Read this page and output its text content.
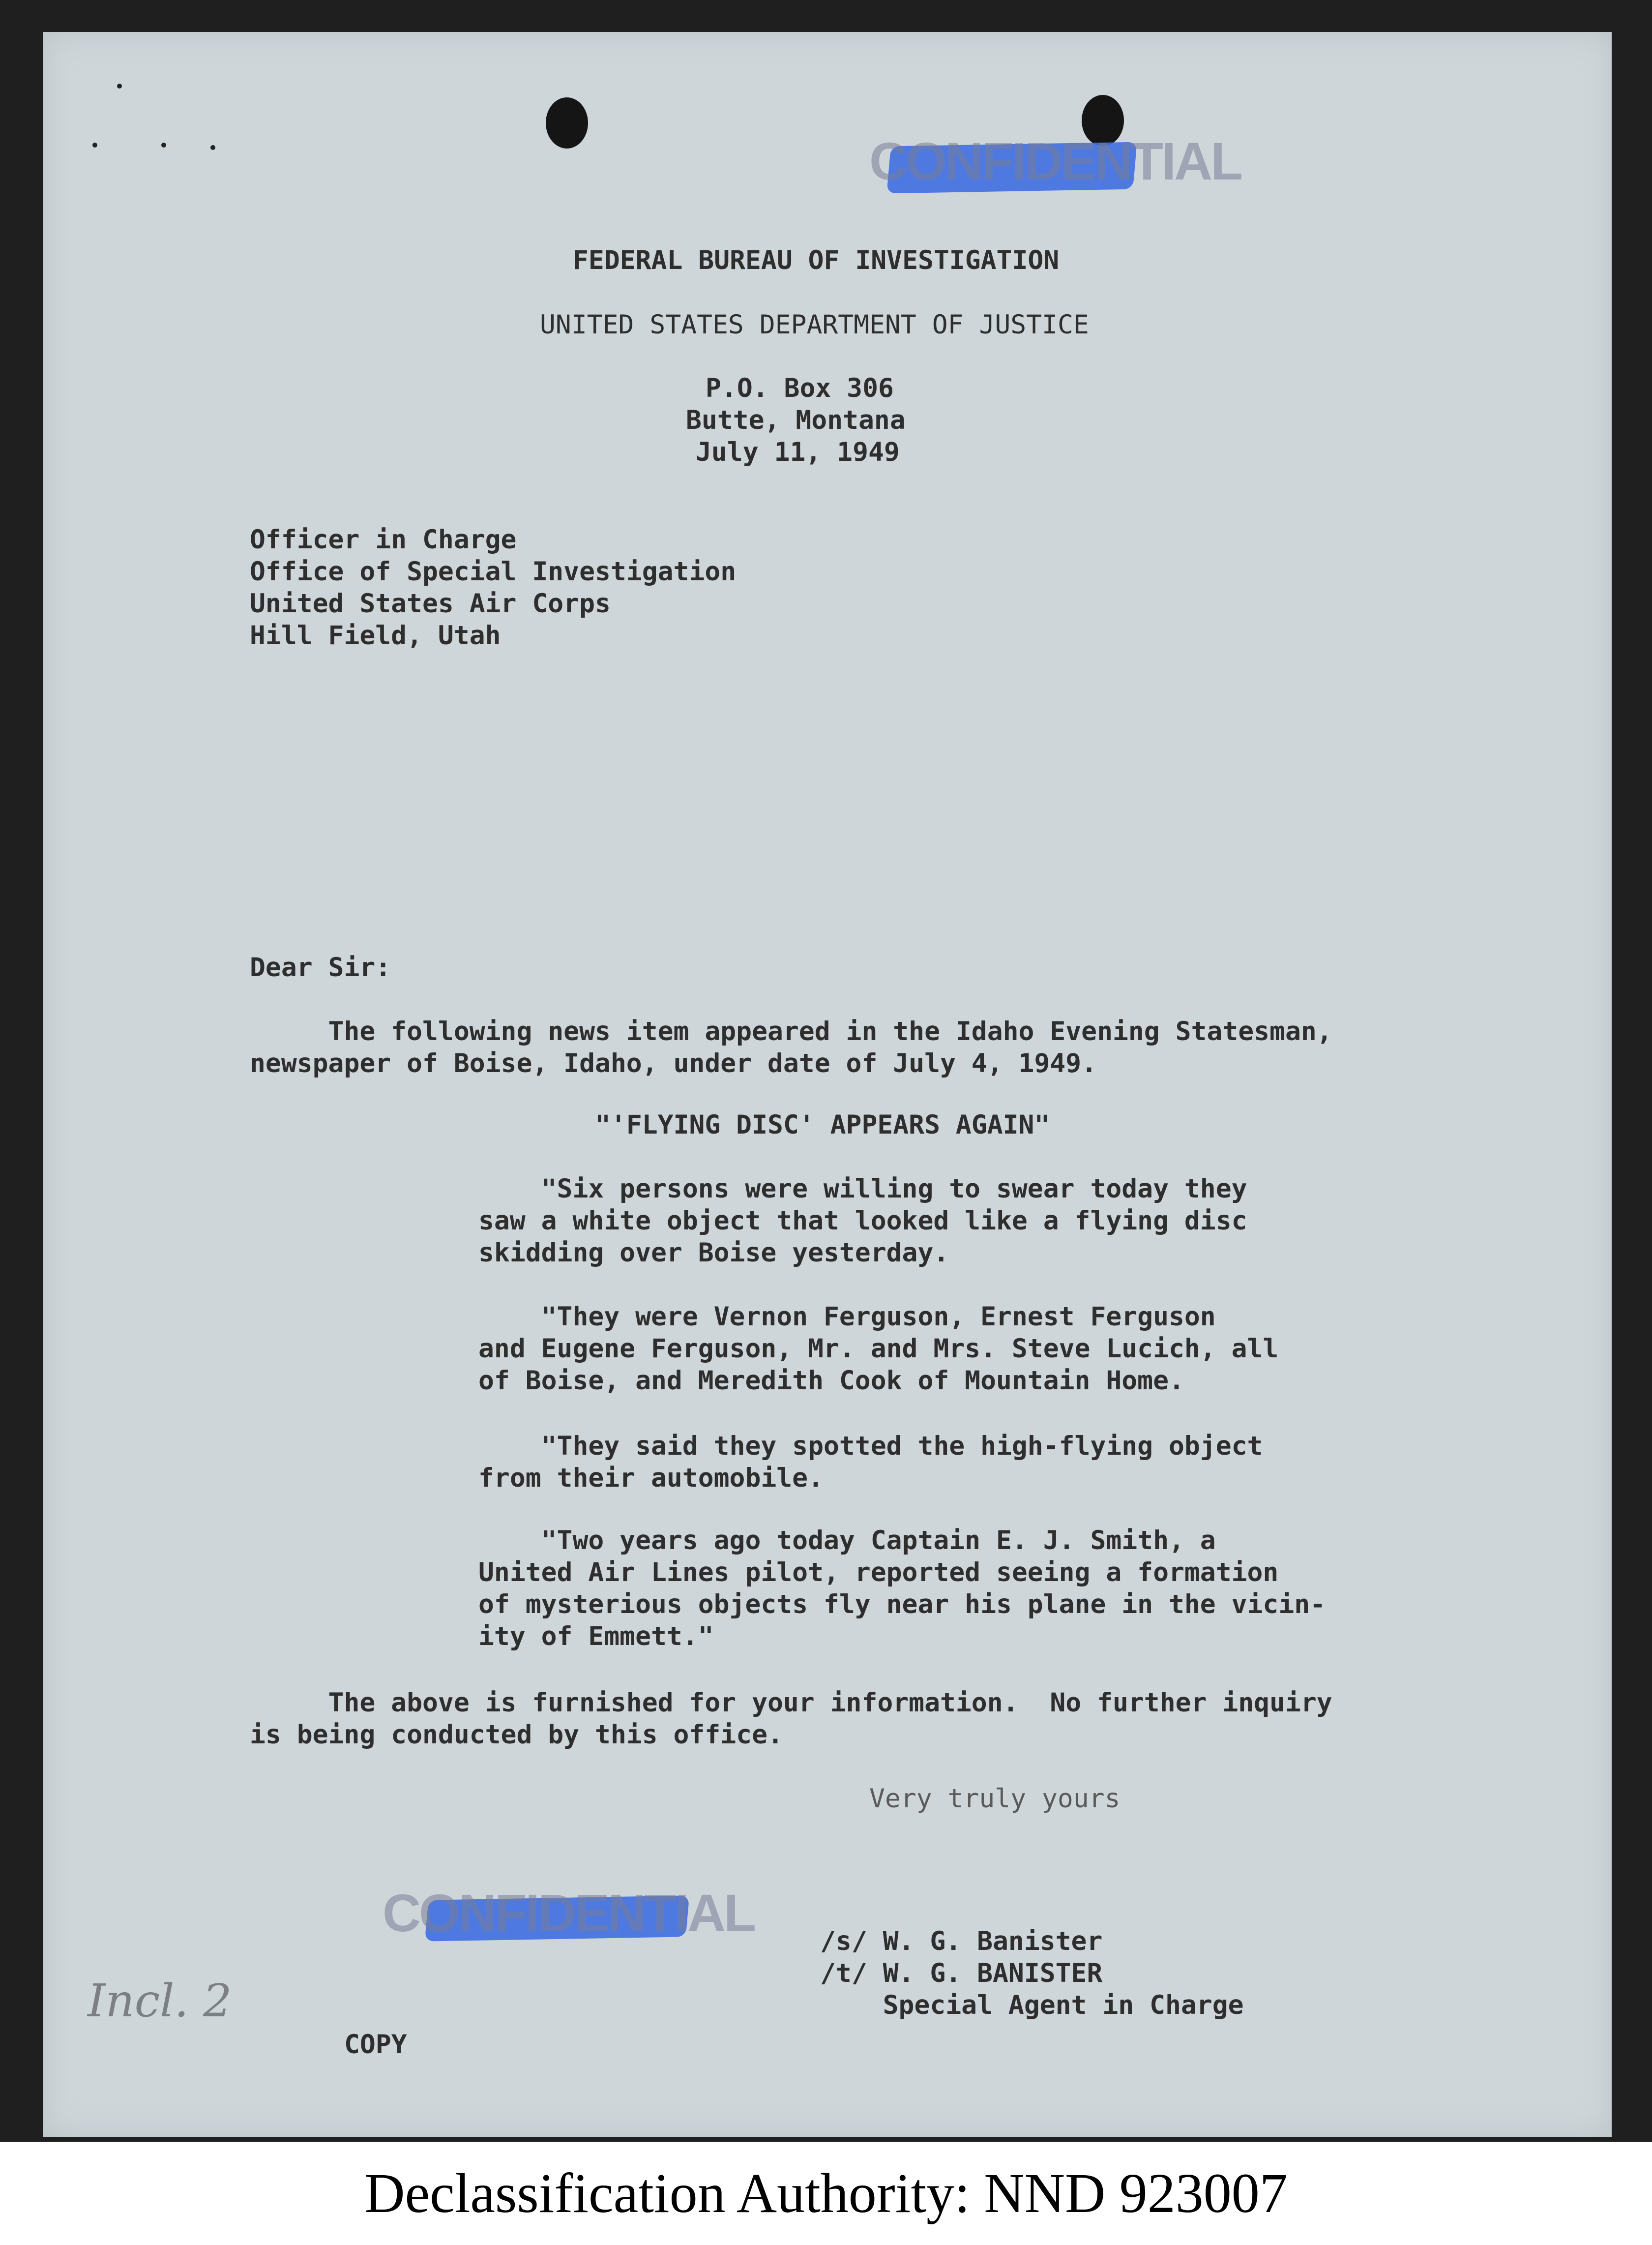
CONFIDENTIAL
FEDERAL BUREAU OF INVESTIGATION
UNITED STATES DEPARTMENT OF JUSTICE
P.O. Box 306
Butte, Montana
July 11, 1949
Officer in Charge
Office of Special Investigation
United States Air Corps
Hill Field, Utah
Dear Sir:
The following news item appeared in the Idaho Evening Statesman,
newspaper of Boise, Idaho, under date of July 4, 1949.
"'FLYING DISC' APPEARS AGAIN"
"Six persons were willing to swear today they
saw a white object that looked like a flying disc
skidding over Boise yesterday.
"They were Vernon Ferguson, Ernest Ferguson
and Eugene Ferguson, Mr. and Mrs. Steve Lucich, all
of Boise, and Meredith Cook of Mountain Home.
"They said they spotted the high-flying object
from their automobile.
"Two years ago today Captain E. J. Smith, a
United Air Lines pilot, reported seeing a formation
of mysterious objects fly near his plane in the vicin-
ity of Emmett."
The above is furnished for your information.  No further inquiry
is being conducted by this office.
Very truly yours
CONFIDENTIAL	/s/ W. G. Banister
/t/ W. G. BANISTER
Special Agent in Charge
Incl. 2
COPY
Declassification Authority: NND 923007
